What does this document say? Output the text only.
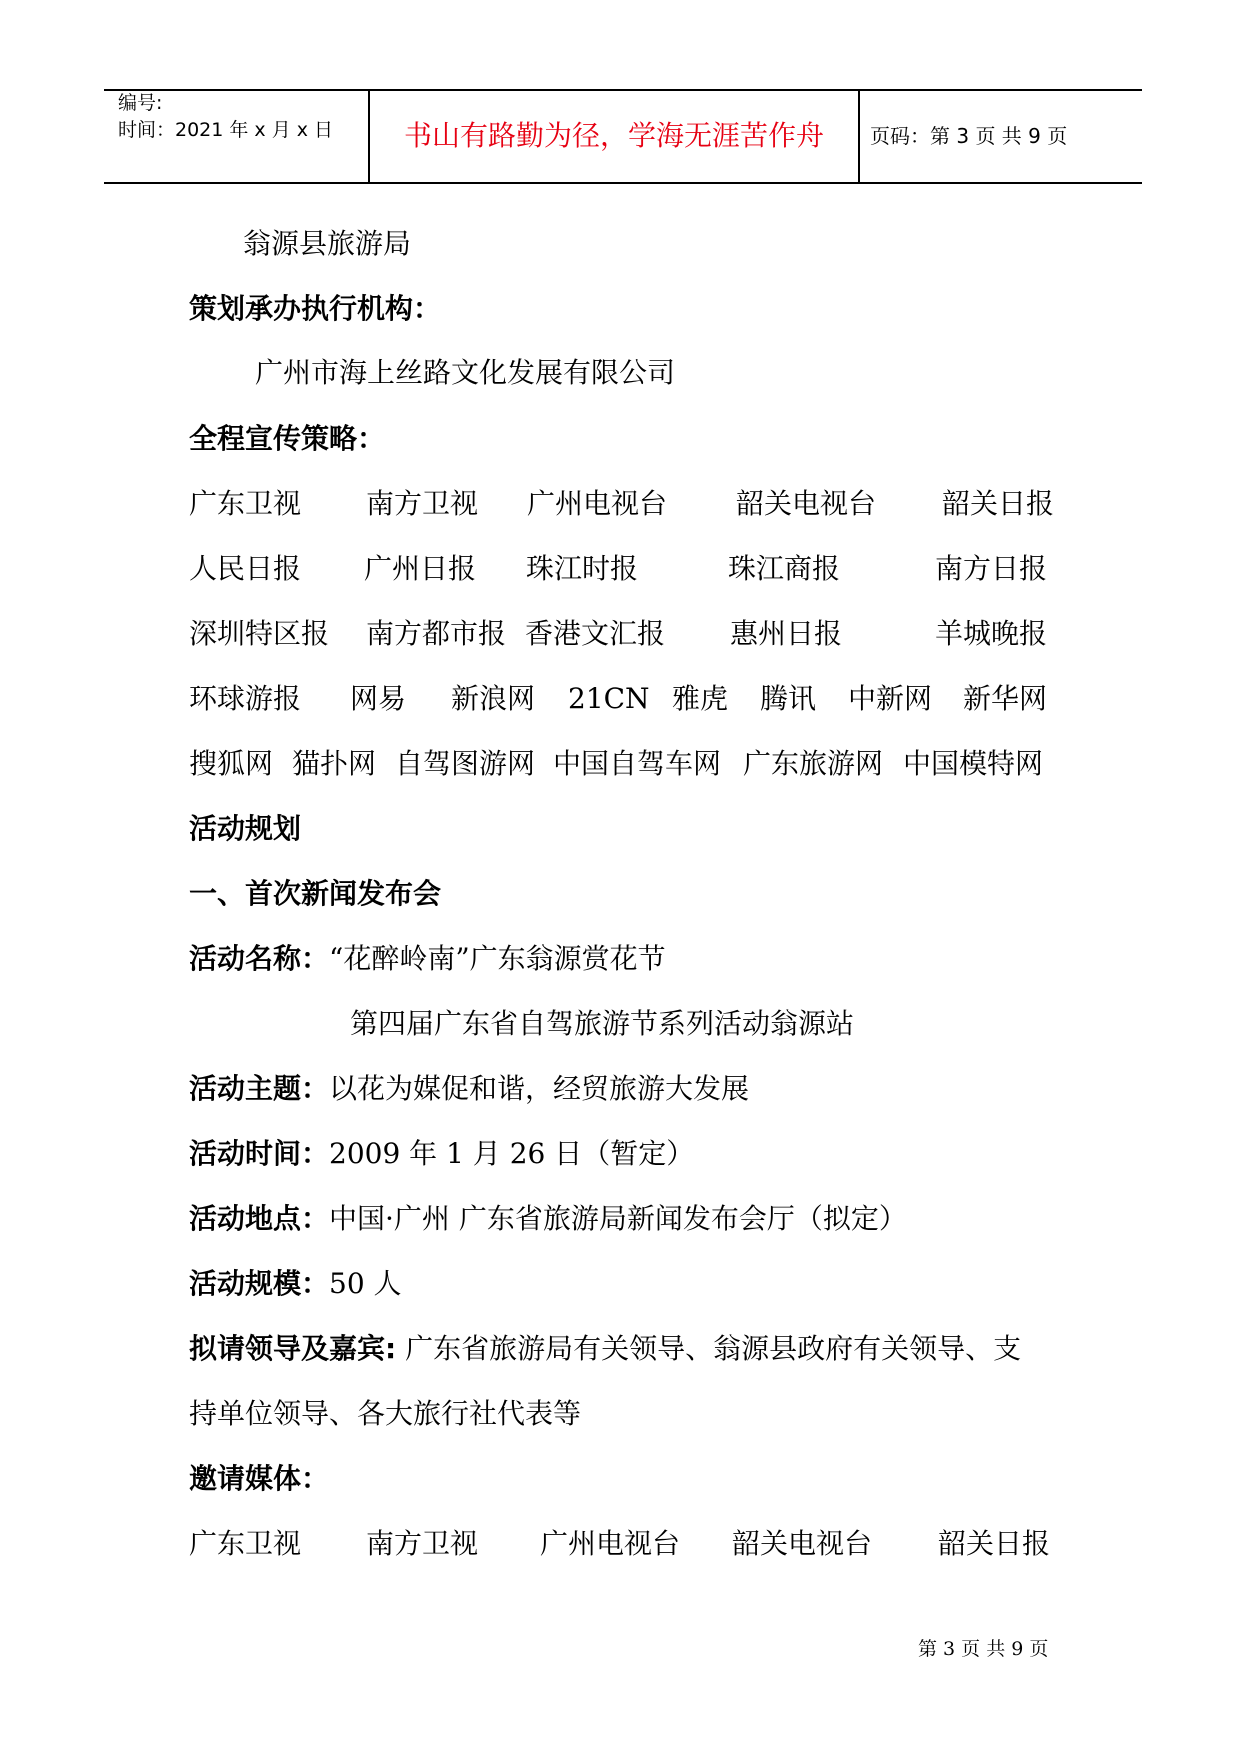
编号:
时间：2021 年 x 月 x 日	书山有路勤为径，学海无涯苦作舟	页码：第 3 页 共 9 页
翁源县旅游局
策划承办执行机构：
广州市海上丝路文化发展有限公司
全程宣传策略：
广东卫视 南方卫视 广州电视台 韶关电视台 韶关日报
人民日报 广州日报 珠江时报	珠江商报	南方日报
深圳特区报 南方都市报 香港文汇报 惠州日报	羊城晚报
环球游报 网易 新浪网 21CN 雅虎 腾讯 中新网 新华网
搜狐网 猫扑网 自驾图游网 中国自驾车网 广东旅游网 中国模特网
活动规划
一、首次新闻发布会
活动名称：“花醉岭南”广东翁源赏花节
第四届广东省自驾旅游节系列活动翁源站
活动主题：以花为媒促和谐，经贸旅游大发展
活动时间：2009 年 1 月 26 日（暂定）
活动地点：中国·广州 广东省旅游局新闻发布会厅（拟定）
活动规模：50 人
拟请领导及嘉宾: 广东省旅游局有关领导、翁源县政府有关领导、支
持单位领导、各大旅行社代表等
邀请媒体：
广东卫视 南方卫视 广州电视台 韶关电视台 韶关日报
第 3 页 共 9 页
